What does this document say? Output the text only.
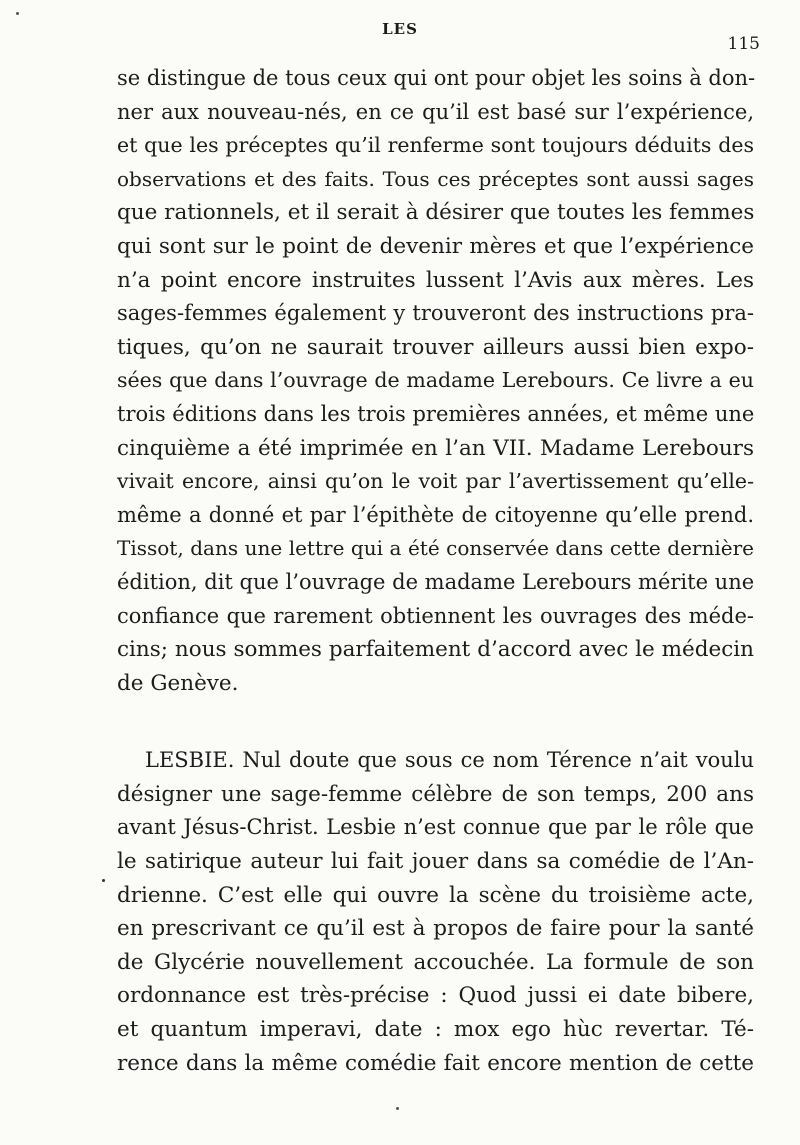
LES
115
se distingue de tous ceux qui ont pour objet les soins à don-
ner aux nouveau-nés, en ce qu’il est basé sur l’expérience,
et que les préceptes qu’il renferme sont toujours déduits des
observations et des faits. Tous ces préceptes sont aussi sages
que rationnels, et il serait à désirer que toutes les femmes
qui sont sur le point de devenir mères et que l’expérience
n’a point encore instruites lussent l’Avis aux mères. Les
sages-femmes également y trouveront des instructions pra-
tiques, qu’on ne saurait trouver ailleurs aussi bien expo-
sées que dans l’ouvrage de madame Lerebours. Ce livre a eu
trois éditions dans les trois premières années, et même une
cinquième a été imprimée en l’an VII. Madame Lerebours
vivait encore, ainsi qu’on le voit par l’avertissement qu’elle-
même a donné et par l’épithète de citoyenne qu’elle prend.
Tissot, dans une lettre qui a été conservée dans cette dernière
édition, dit que l’ouvrage de madame Lerebours mérite une
confiance que rarement obtiennent les ouvrages des méde-
cins; nous sommes parfaitement d’accord avec le médecin
de Genève.
LESBIE. Nul doute que sous ce nom Térence n’ait voulu
désigner une sage-femme célèbre de son temps, 200 ans
avant Jésus-Christ. Lesbie n’est connue que par le rôle que
le satirique auteur lui fait jouer dans sa comédie de l’An-
drienne. C’est elle qui ouvre la scène du troisième acte,
en prescrivant ce qu’il est à propos de faire pour la santé
de Glycérie nouvellement accouchée. La formule de son
ordonnance est très-précise : Quod jussi ei date bibere,
et quantum imperavi, date : mox ego hùc revertar. Té-
rence dans la même comédie fait encore mention de cette
